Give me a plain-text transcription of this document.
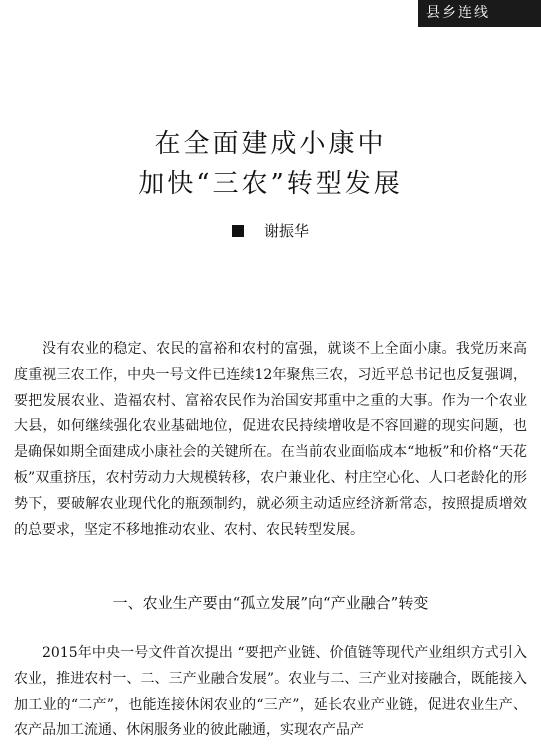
县乡连线
在全面建成小康中
加快“三农”转型发展
谢振华

没有农业的稳定、农民的富裕和农村的富强，就谈不上全面小康。我党历来高度重视三农工作，中央一号文件已连续12年聚焦三农，习近平总书记也反复强调，要把发展农业、造福农村、富裕农民作为治国安邦重中之重的大事。作为一个农业大县，如何继续强化农业基础地位，促进农民持续增收是不容回避的现实问题，也是确保如期全面建成小康社会的关键所在。在当前农业面临成本“地板”和价格“天花板”双重挤压，农村劳动力大规模转移，农户兼业化、村庄空心化、人口老龄化的形势下，要破解农业现代化的瓶颈制约，就必须主动适应经济新常态，按照提质增效的总要求，坚定不移地推动农业、农村、农民转型发展。

一、农业生产要由“孤立发展”向“产业融合”转变

2015年中央一号文件首次提出 “要把产业链、价值链等现代产业组织方式引入农业，推进农村一、二、三产业融合发展”。农业与二、三产业对接融合，既能接入加工业的“二产”，也能连接休闲农业的“三产”，延长农业产业链，促进农业生产、农产品加工流通、休闲服务业的彼此融通，实现农产品产
